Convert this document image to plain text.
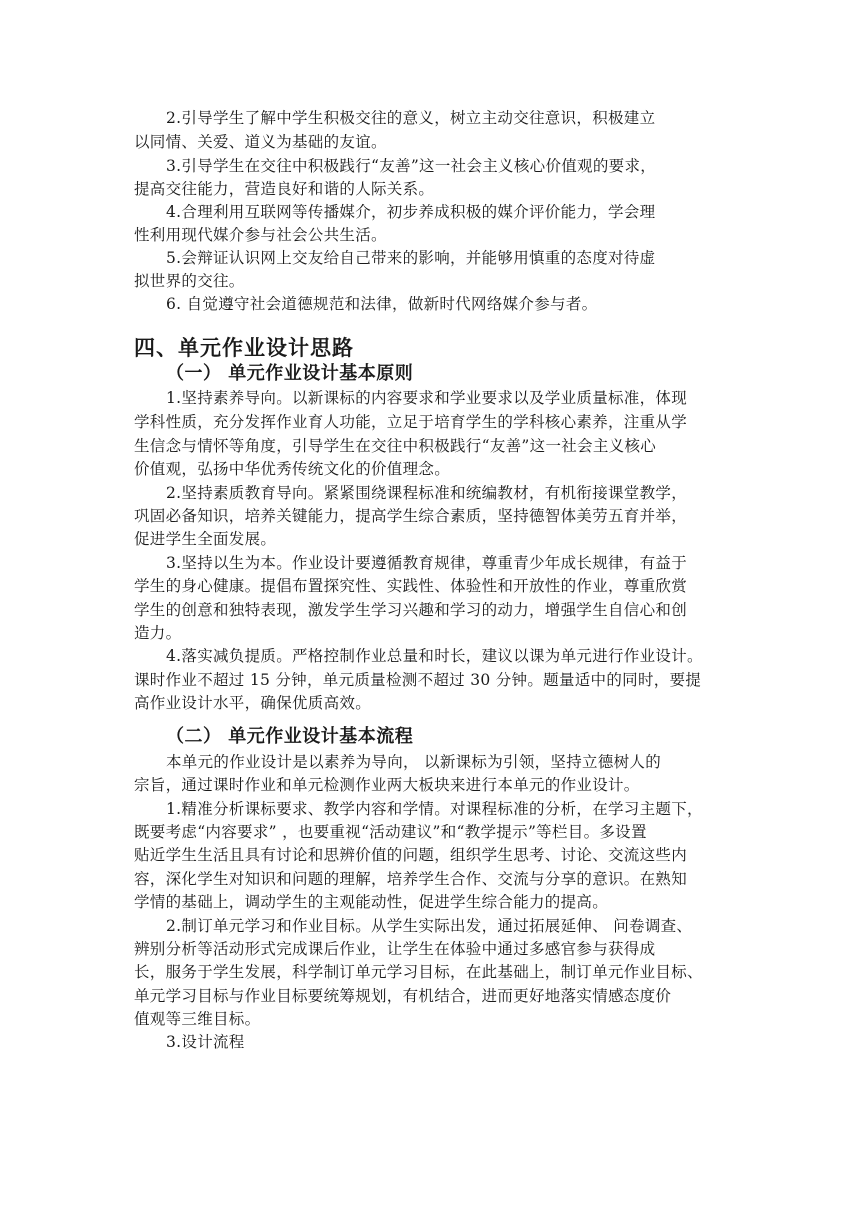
2.引导学生了解中学生积极交往的意义，树立主动交往意识，积极建立
以同情、关爱、道义为基础的友谊。
3.引导学生在交往中积极践行“友善”这一社会主义核心价值观的要求，
提高交往能力，营造良好和谐的人际关系。
4.合理利用互联网等传播媒介，初步养成积极的媒介评价能力，学会理
性利用现代媒介参与社会公共生活。
5.会辩证认识网上交友给自己带来的影响，并能够用慎重的态度对待虚
拟世界的交往。
6. 自觉遵守社会道德规范和法律，做新时代网络媒介参与者。
四、单元作业设计思路
（一） 单元作业设计基本原则
1.坚持素养导向。以新课标的内容要求和学业要求以及学业质量标准，体现
学科性质，充分发挥作业育人功能，立足于培育学生的学科核心素养，注重从学
生信念与情怀等角度，引导学生在交往中积极践行“友善”这一社会主义核心
价值观，弘扬中华优秀传统文化的价值理念。
2.坚持素质教育导向。紧紧围绕课程标准和统编教材，有机衔接课堂教学，
巩固必备知识，培养关键能力，提高学生综合素质，坚持德智体美劳五育并举，
促进学生全面发展。
3.坚持以生为本。作业设计要遵循教育规律，尊重青少年成长规律，有益于
学生的身心健康。提倡布置探究性、实践性、体验性和开放性的作业，尊重欣赏
学生的创意和独特表现，激发学生学习兴趣和学习的动力，增强学生自信心和创
造力。
4.落实减负提质。严格控制作业总量和时长，建议以课为单元进行作业设计。
课时作业不超过 15 分钟，单元质量检测不超过 30 分钟。题量适中的同时，要提
高作业设计水平，确保优质高效。
（二） 单元作业设计基本流程
本单元的作业设计是以素养为导向， 以新课标为引领，坚持立德树人的
宗旨，通过课时作业和单元检测作业两大板块来进行本单元的作业设计。
1.精准分析课标要求、教学内容和学情。对课程标准的分析，在学习主题下，
既要考虑“内容要求” ，也要重视“活动建议”和“教学提示”等栏目。多设置
贴近学生生活且具有讨论和思辨价值的问题，组织学生思考、讨论、交流这些内
容，深化学生对知识和问题的理解，培养学生合作、交流与分享的意识。在熟知
学情的基础上，调动学生的主观能动性，促进学生综合能力的提高。
2.制订单元学习和作业目标。从学生实际出发，通过拓展延伸、 问卷调查、
辨别分析等活动形式完成课后作业，让学生在体验中通过多感官参与获得成
长，服务于学生发展，科学制订单元学习目标，在此基础上，制订单元作业目标、
单元学习目标与作业目标要统筹规划，有机结合，进而更好地落实情感态度价
值观等三维目标。
3.设计流程
